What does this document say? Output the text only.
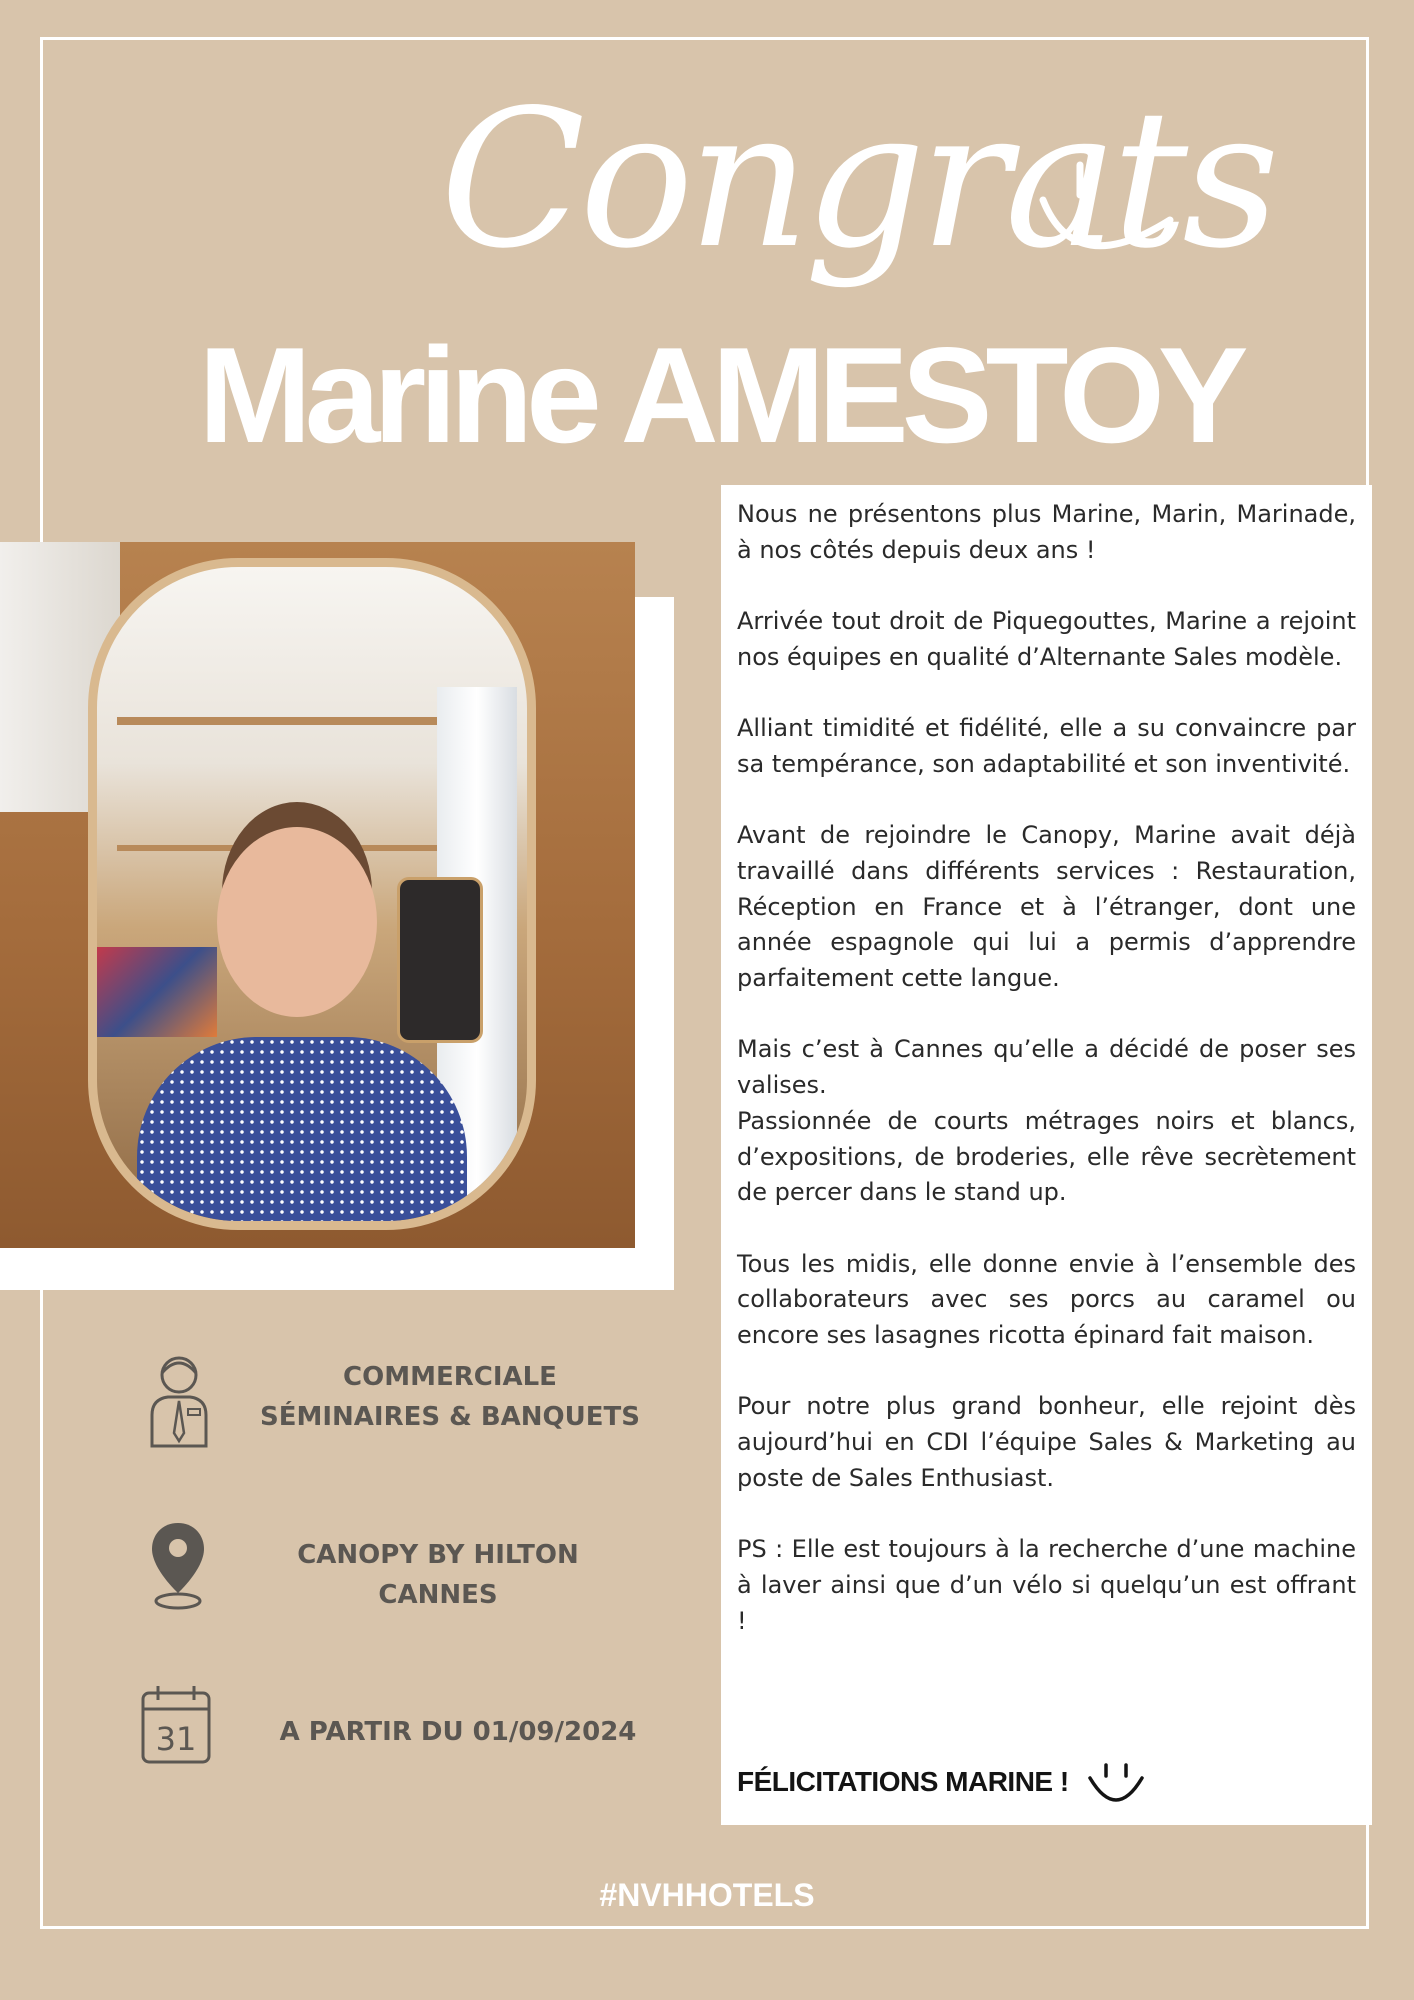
Congrats
Marine AMESTOY

Nous ne présentons plus Marine, Marin, Marinade, à nos côtés depuis deux ans !

Arrivée tout droit de Piquegouttes, Marine a rejoint nos équipes en qualité d’Alternante Sales modèle.

Alliant timidité et fidélité, elle a su convaincre par sa tempérance, son adaptabilité et son inventivité.

Avant de rejoindre le Canopy, Marine avait déjà travaillé dans différents services : Restauration, Réception en France et à l’étranger, dont une année espagnole qui lui a permis d’apprendre parfaitement cette langue.

Mais c’est à Cannes qu’elle a décidé de poser ses valises.

Passionnée de courts métrages noirs et blancs, d’expositions, de broderies, elle rêve secrètement de percer dans le stand up.

Tous les midis, elle donne envie à l’ensemble des collaborateurs avec ses porcs au caramel ou encore ses lasagnes ricotta épinard fait maison.

Pour notre plus grand bonheur, elle rejoint dès aujourd’hui en CDI l’équipe Sales & Marketing au poste de Sales Enthusiast.

PS : Elle est toujours à la recherche d’une machine à laver ainsi que d’un vélo si quelqu’un est offrant !

FÉLICITATIONS MARINE !
COMMERCIALE
SÉMINAIRES & BANQUETS
CANOPY BY HILTON
CANNES
31	A PARTIR DU 01/09/2024

#NVHHOTELS
